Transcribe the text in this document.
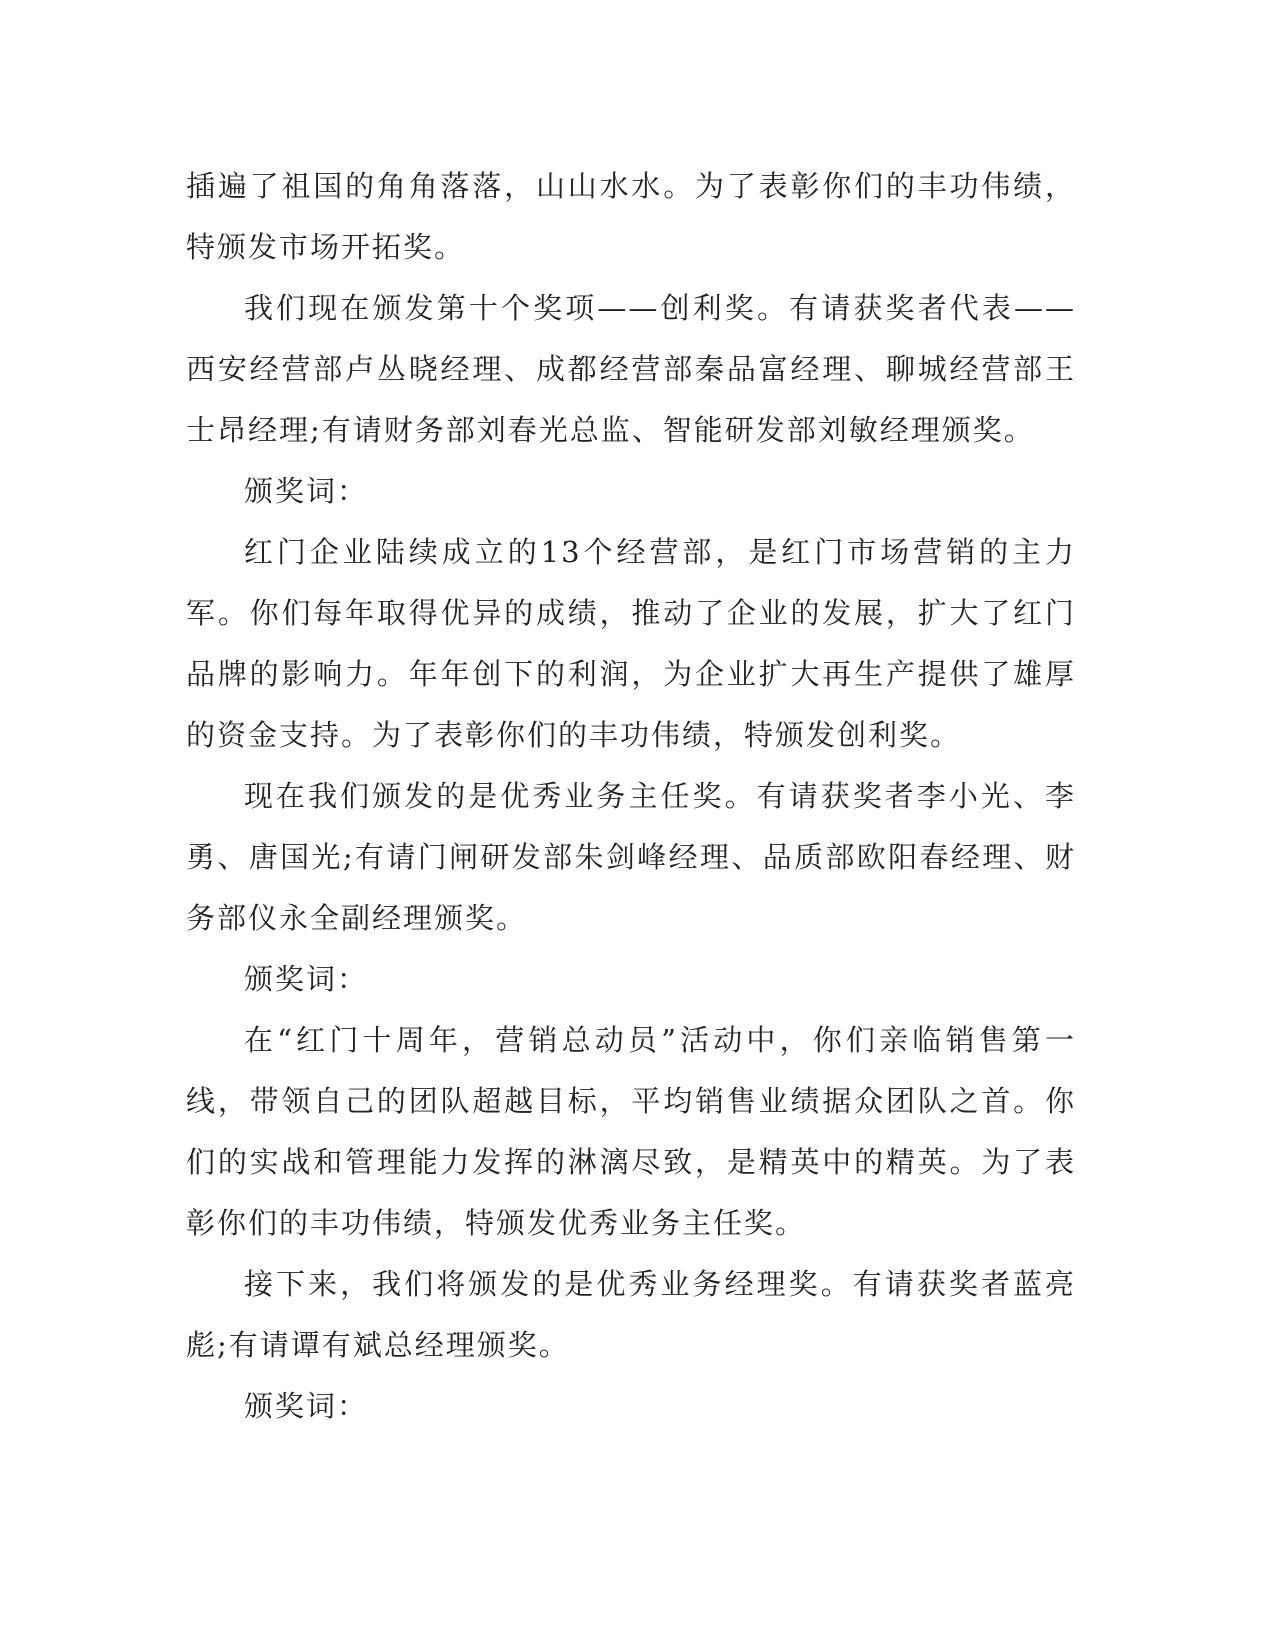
插遍了祖国的角角落落，山山水水。为了表彰你们的丰功伟绩，特颁发市场开拓奖。

我们现在颁发第十个奖项——创利奖。有请获奖者代表——西安经营部卢丛晓经理、成都经营部秦品富经理、聊城经营部王士昂经理;有请财务部刘春光总监、智能研发部刘敏经理颁奖。

颁奖词：

红门企业陆续成立的13个经营部，是红门市场营销的主力军。你们每年取得优异的成绩，推动了企业的发展，扩大了红门品牌的影响力。年年创下的利润，为企业扩大再生产提供了雄厚的资金支持。为了表彰你们的丰功伟绩，特颁发创利奖。

现在我们颁发的是优秀业务主任奖。有请获奖者李小光、李勇、唐国光;有请门闸研发部朱剑峰经理、品质部欧阳春经理、财务部仪永全副经理颁奖。

颁奖词：

在“红门十周年，营销总动员”活动中，你们亲临销售第一线，带领自己的团队超越目标，平均销售业绩据众团队之首。你们的实战和管理能力发挥的淋漓尽致，是精英中的精英。为了表彰你们的丰功伟绩，特颁发优秀业务主任奖。

接下来，我们将颁发的是优秀业务经理奖。有请获奖者蓝亮彪;有请谭有斌总经理颁奖。

颁奖词：
